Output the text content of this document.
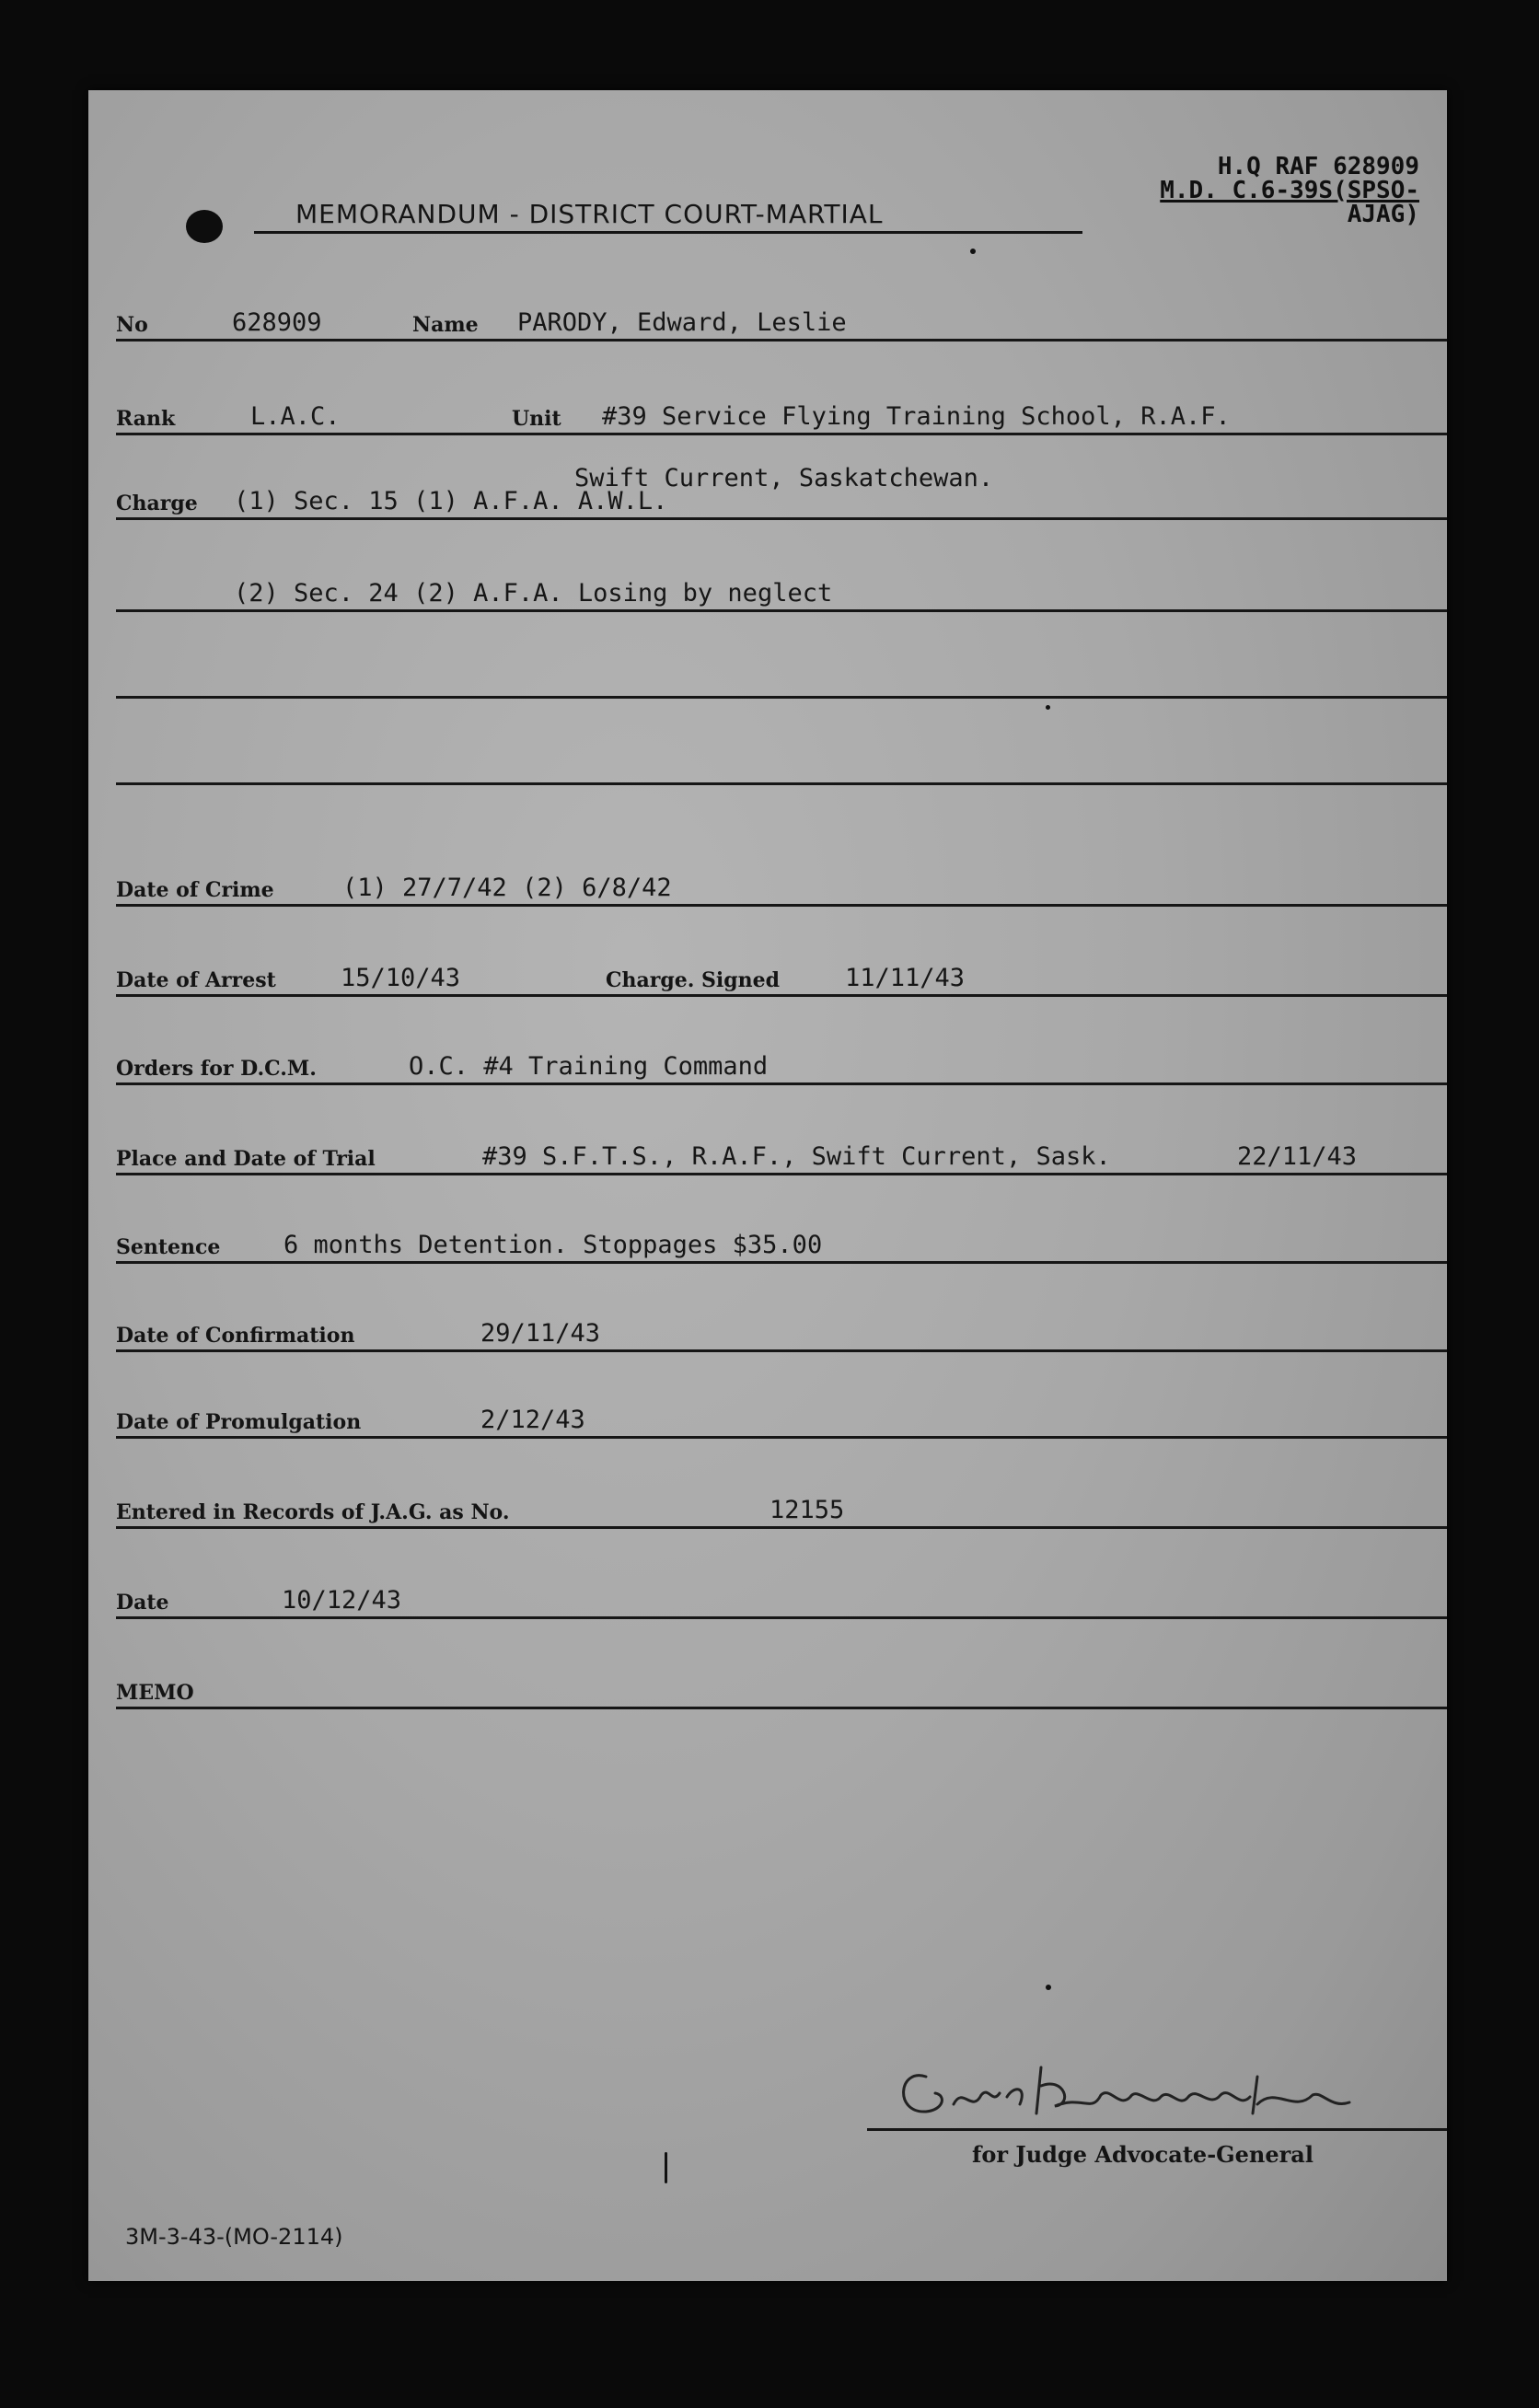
H.Q RAF 628909
M.D. C.6-39S(SPSO-
AJAG)
MEMORANDUM - DISTRICT COURT-MARTIAL
No	628909	Name PARODY, Edward, Leslie
Rank	L.A.C.	Unit #39 Service Flying Training School, R.A.F.
Swift Current, Saskatchewan.
Charge (1) Sec. 15 (1) A.F.A. A.W.L.
(2) Sec. 24 (2) A.F.A. Losing by neglect
Date of Crime	(1) 27/7/42 (2) 6/8/42
Date of Arrest	15/10/43	Charge. Signed	11/11/43
Orders for D.C.M.	O.C. #4 Training Command
Place and Date of Trial	#39 S.F.T.S., R.A.F., Swift Current, Sask.	22/11/43
Sentence	6 months Detention. Stoppages $35.00
Date of Confirmation	29/11/43
Date of Promulgation	2/12/43
Entered in Records of J.A.G. as No.	12155
Date	10/12/43
MEMO
for Judge Advocate-General
3M-3-43-(MO-2114)
